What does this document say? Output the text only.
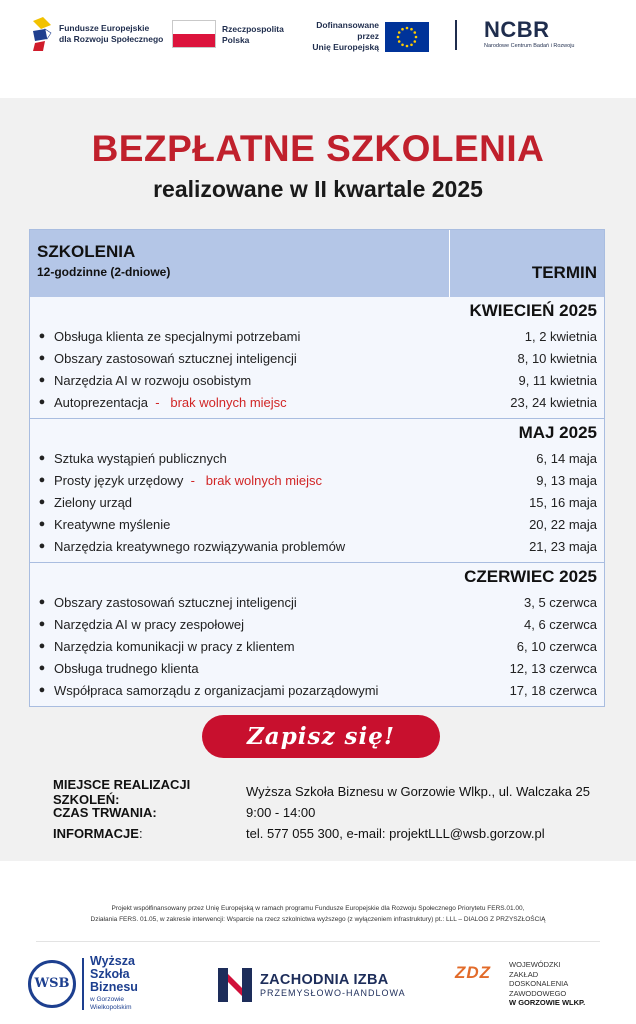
Fundusze Europejskie
dla Rozwoju Społecznego
Rzeczpospolita
Polska
Dofinansowane przez
Unię Europejską
NCBR
Narodowe Centrum Badań i Rozwoju
BEZPŁATNE SZKOLENIA
realizowane w II kwartale 2025
SZKOLENIA
12-godzinne (2-dniowe)	TERMIN
KWIECIEŃ 2025
● Obsługa klienta ze specjalnymi potrzebami	1, 2 kwietnia
● Obszary zastosowań sztucznej inteligencji	8, 10 kwietnia
● Narzędzia AI w rozwoju osobistym	9, 11 kwietnia
● Autoprezentacja -   brak wolnych miejsc	23, 24 kwietnia
MAJ 2025
● Sztuka wystąpień publicznych	6, 14 maja
● Prosty język urzędowy -   brak wolnych miejsc	9, 13 maja
● Zielony urząd	15, 16 maja
● Kreatywne myślenie	20, 22 maja
● Narzędzia kreatywnego rozwiązywania problemów	21, 23 maja
CZERWIEC 2025
● Obszary zastosowań sztucznej inteligencji	3, 5 czerwca
● Narzędzia AI w pracy zespołowej	4, 6 czerwca
● Narzędzia komunikacji w pracy z klientem	6, 10 czerwca
● Obsługa trudnego klienta	12, 13 czerwca
● Współpraca samorządu z organizacjami pozarządowymi	17, 18 czerwca
Zapisz się!
MIEJSCE REALIZACJI SZKOLEŃ:	Wyższa Szkoła Biznesu w Gorzowie Wlkp., ul. Walczaka 25
CZAS TRWANIA:	9:00 - 14:00
INFORMACJE:	tel. 577 055 300, e-mail: projektLLL@wsb.gorzow.pl
Projekt współfinansowany przez Unię Europejską w ramach programu Fundusze Europejskie dla Rozwoju Społecznego Priorytetu FERS.01.00,
Działania FERS. 01.05, w zakresie interwencji: Wsparcie na rzecz szkolnictwa wyższego (z wyłączeniem infrastruktury) pt.: LLL – DIALOG Z PRZYSZŁOŚCIĄ
WSB
Wyższa
Szkoła
Biznesu
w Gorzowie
Wielkopolskim
ZACHODNIA IZBA
PRZEMYSŁOWO-HANDLOWA
ZDZ WOJEWÓDZKI
ZAKŁAD
DOSKONALENIA
ZAWODOWEGO
W GORZOWIE WLKP.
